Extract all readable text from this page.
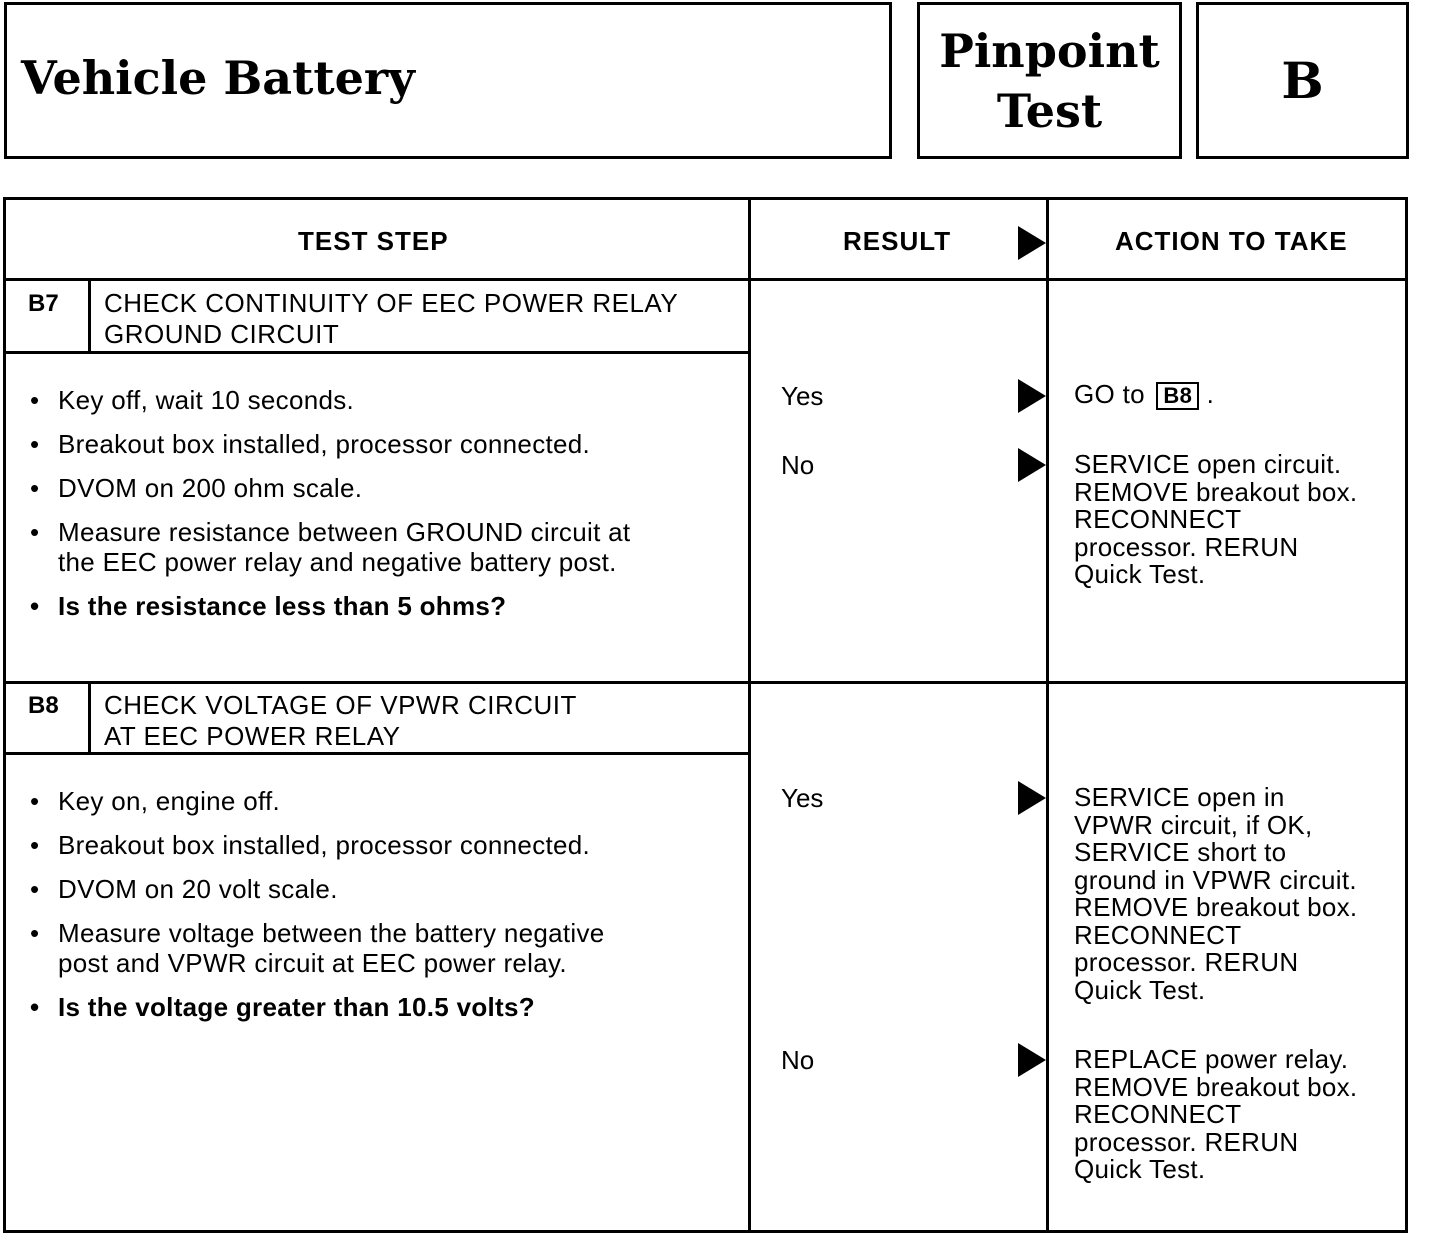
Vehicle Battery	Pinpoint
Test
B
TEST STEP	RESULT	ACTION TO TAKE
B7 CHECK CONTINUITY OF EEC POWER RELAY
GROUND CIRCUIT
• Key off, wait 10 seconds.
• Breakout box installed, processor connected.
• DVOM on 200 ohm scale.
• Measure resistance between GROUND circuit at
the EEC power relay and negative battery post.
• Is the resistance less than 5 ohms?
Yes	GO to B8 .
No	SERVICE open circuit.
REMOVE breakout box.
RECONNECT
processor. RERUN
Quick Test.
B8 CHECK VOLTAGE OF VPWR CIRCUIT
AT EEC POWER RELAY
• Key on, engine off.
• Breakout box installed, processor connected.
• DVOM on 20 volt scale.
• Measure voltage between the battery negative
post and VPWR circuit at EEC power relay.
• Is the voltage greater than 10.5 volts?
Yes	SERVICE open in
VPWR circuit, if OK,
SERVICE short to
ground in VPWR circuit.
REMOVE breakout box.
RECONNECT
processor. RERUN
Quick Test.
No	REPLACE power relay.
REMOVE breakout box.
RECONNECT
processor. RERUN
Quick Test.
